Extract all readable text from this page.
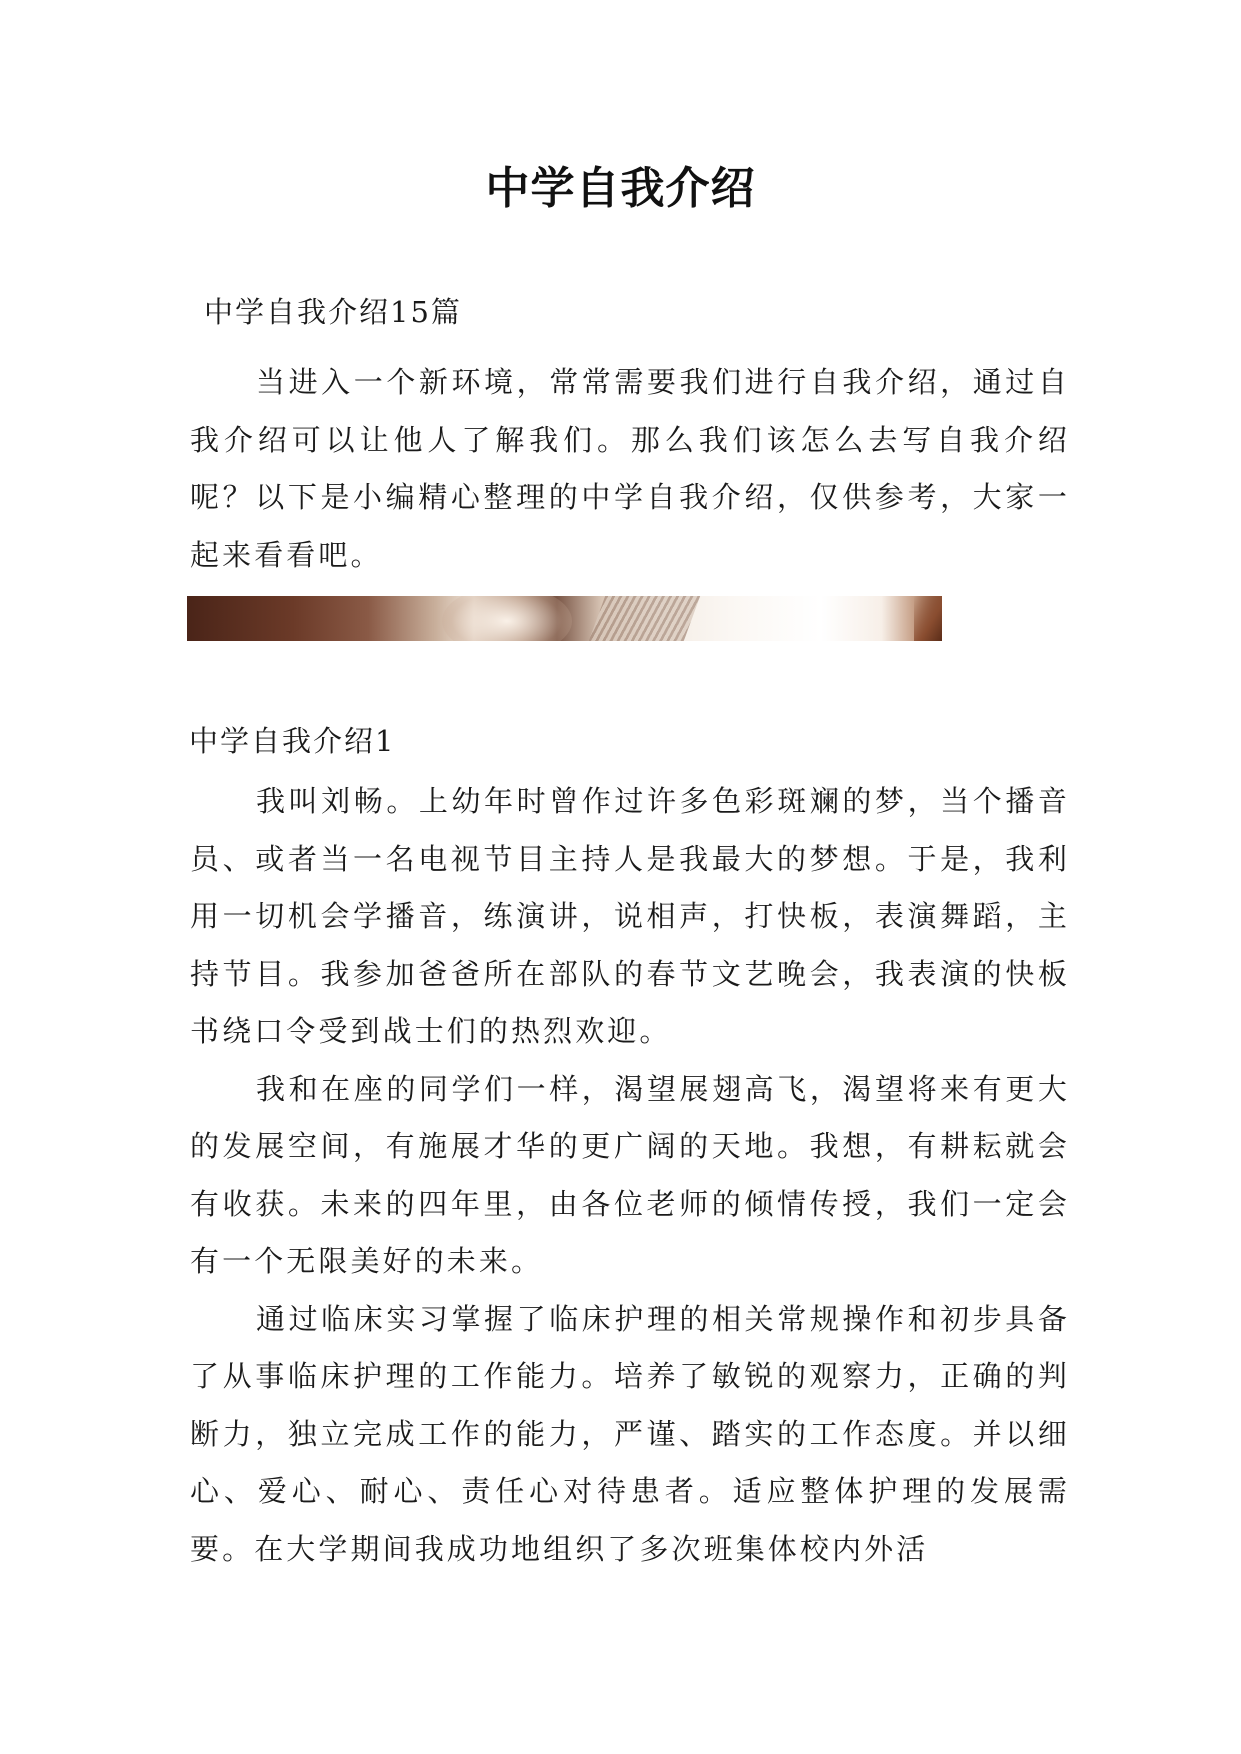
中学自我介绍
中学自我介绍15篇

当进入一个新环境，常常需要我们进行自我介绍，通过自我介绍可以让他人了解我们。那么我们该怎么去写自我介绍呢？以下是小编精心整理的中学自我介绍，仅供参考，大家一起来看看吧。

中学自我介绍1

我叫刘畅。上幼年时曾作过许多色彩斑斓的梦，当个播音员、或者当一名电视节目主持人是我最大的梦想。于是，我利用一切机会学播音，练演讲，说相声，打快板，表演舞蹈，主持节目。我参加爸爸所在部队的春节文艺晚会，我表演的快板书绕口令受到战士们的热烈欢迎。

我和在座的同学们一样，渴望展翅高飞，渴望将来有更大的发展空间，有施展才华的更广阔的天地。我想，有耕耘就会有收获。未来的四年里，由各位老师的倾情传授，我们一定会有一个无限美好的未来。

通过临床实习掌握了临床护理的相关常规操作和初步具备了从事临床护理的工作能力。培养了敏锐的观察力，正确的判断力，独立完成工作的能力，严谨、踏实的工作态度。并以细心、爱心、耐心、责任心对待患者。适应整体护理的发展需要。在大学期间我成功地组织了多次班集体校内外活
